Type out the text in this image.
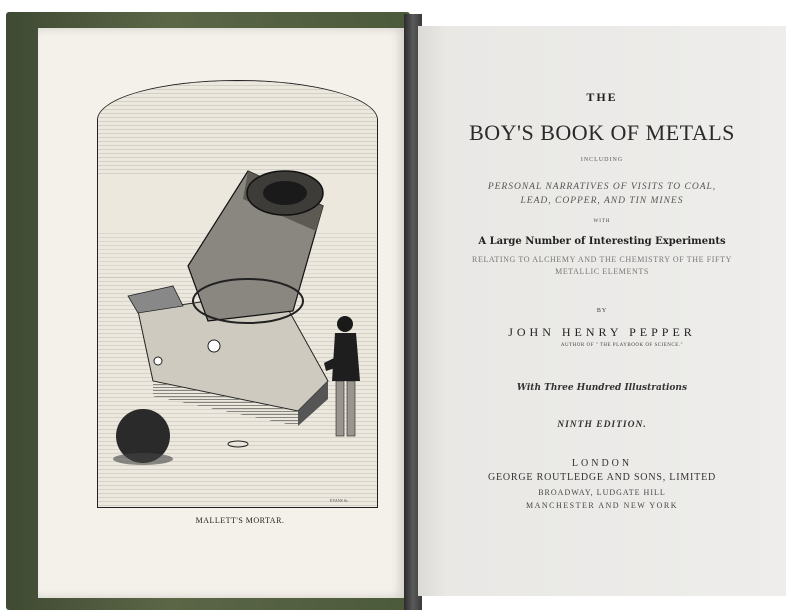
MALLETT'S MORTAR.
EVANS Sc
THE
BOY'S BOOK OF METALS
INCLUDING
PERSONAL NARRATIVES OF VISITS TO COAL,
LEAD, COPPER, AND TIN MINES
WITH
A Large Number of Interesting Experiments
RELATING TO ALCHEMY AND THE CHEMISTRY OF THE FIFTY
METALLIC ELEMENTS
BY
JOHN HENRY PEPPER
AUTHOR OF " THE PLAYBOOK OF SCIENCE."
With Three Hundred Illustrations
NINTH EDITION.
LONDON
GEORGE ROUTLEDGE AND SONS, LIMITED
BROADWAY, LUDGATE HILL
MANCHESTER AND NEW YORK
